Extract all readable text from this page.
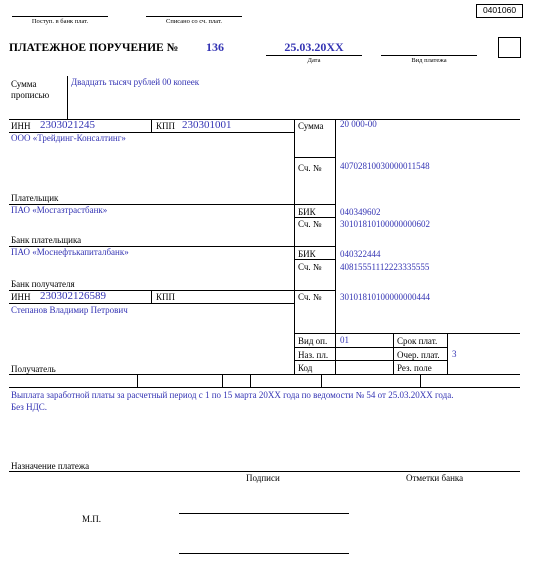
0401060
Поступ. в банк плат.	Списано со сч. плат.
ПЛАТЕЖНОЕ ПОРУЧЕНИЕ № 136	25.03.20XX
Дата	Вид платежа
Сумма
прописью
Двадцать тысяч рублей 00 копеек
ИНН 2303021245	КПП 230301001
ООО «Трейдинг-Консалтинг»
Плательщик
Сумма 20 000-00
Сч. № 40702810030000011548
ПАО «Мосгазтрастбанк»
Банк плательщика
БИК	040349602
Сч. № 30101810100000000602
ПАО «Моснефтькапиталбанк»
Банк получателя
БИК	040322444
Сч. № 40815551112223335555
ИНН 230302126589	КПП
Степанов Владимир Петрович
Получатель
Сч. № 30101810100000000444
Вид оп. 01	Срок плат.
Наз. пл.	Очер. плат. 3
Код	Рез. поле
Выплата заработной платы за расчетный период с 1 по 15 марта 20ХХ года по ведомости № 54 от 25.03.20ХХ года.
Без НДС.
Назначение платежа
Подписи	Отметки банка
М.П.
